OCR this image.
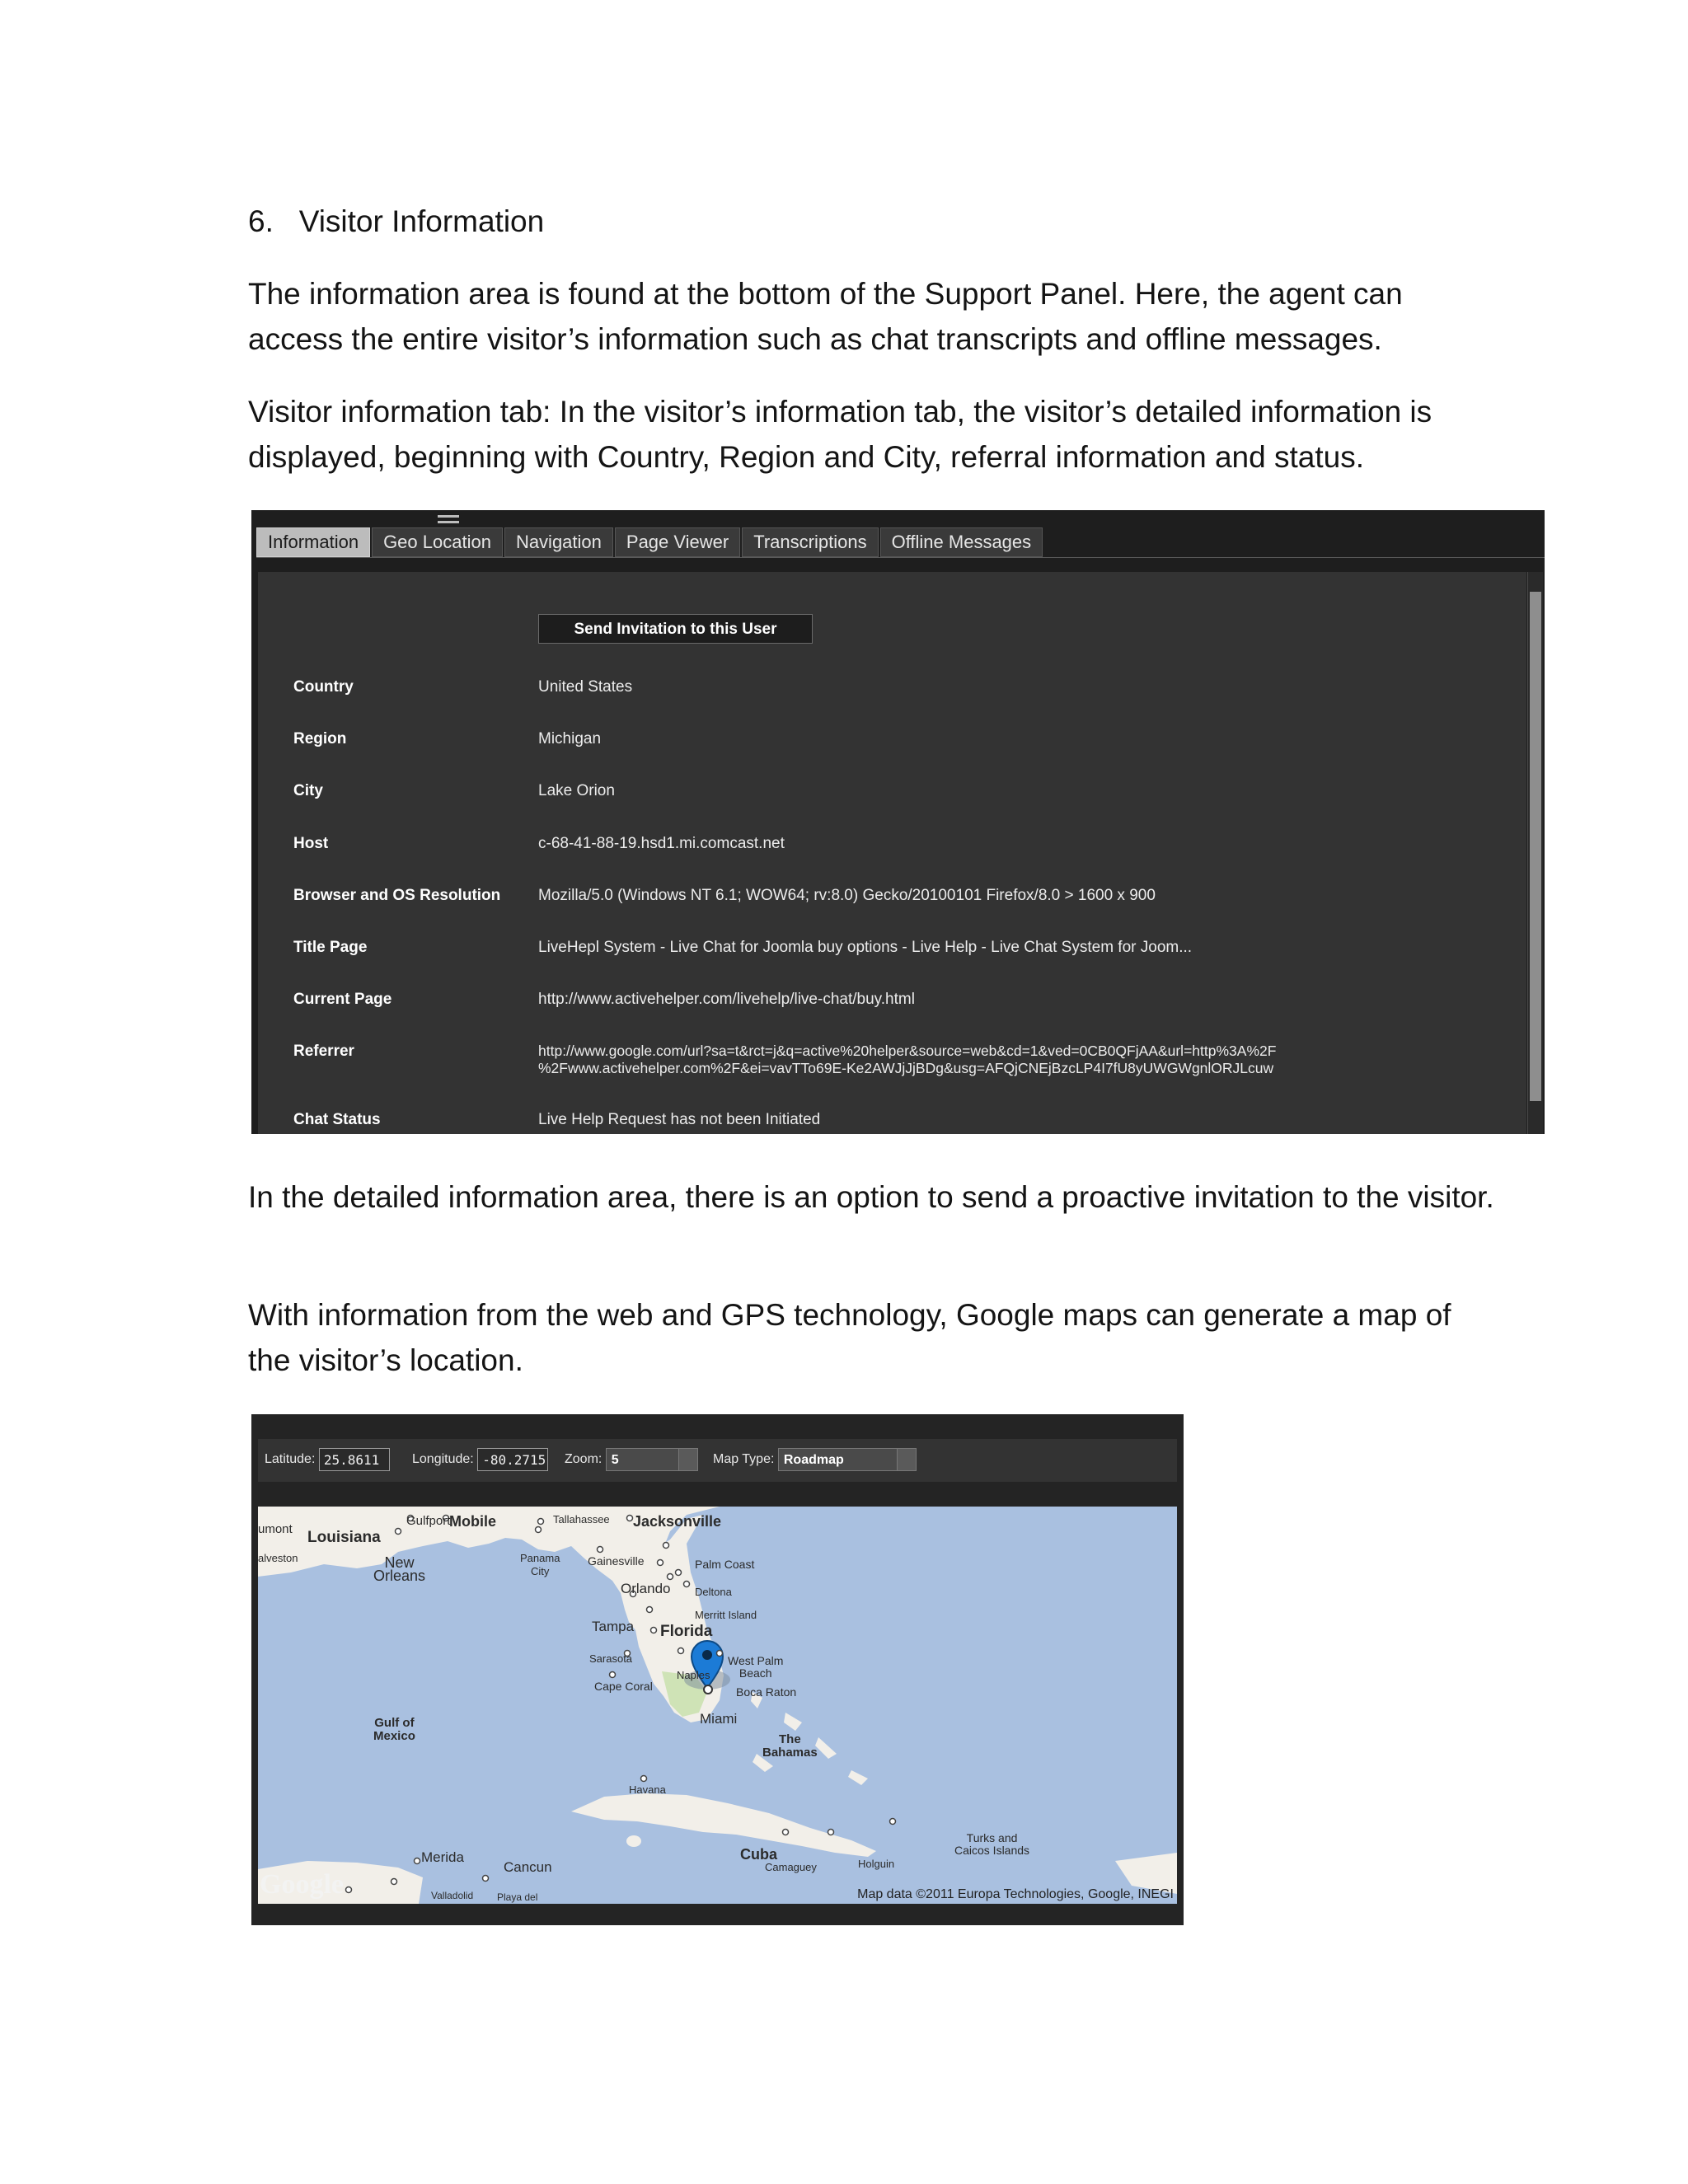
6.   Visitor Information

The information area is found at the bottom of the Support Panel. Here, the agent can access the entire visitor’s information such as chat transcripts and offline messages.

Visitor information tab: In the visitor’s information tab, the visitor’s detailed information is displayed, beginning with Country, Region and City, referral information and status.

Information	Geo Location	Navigation	Page Viewer	Transcriptions	Offline Messages
Send Invitation to this User
Country	United States
Region	Michigan
City	Lake Orion
Host	c-68-41-88-19.hsd1.mi.comcast.net
Browser and OS Resolution Mozilla/5.0 (Windows NT 6.1; WOW64; rv:8.0) Gecko/20100101 Firefox/8.0 > 1600 x 900
Title Page	LiveHepl System - Live Chat for Joomla buy options - Live Help - Live Chat System for Joom...
Current Page	http://www.activehelper.com/livehelp/live-chat/buy.html
Referrer	http://www.google.com/url?sa=t&rct=j&q=active%20helper&source=web&cd=1&ved=0CB0QFjAA&url=http%3A%2F
%2Fwww.activehelper.com%2F&ei=vavTTo69E-Ke2AWJjJjBDg&usg=AFQjCNEjBzcLP4I7fU8yUWGWgnlORJLcuw
Chat Status	Live Help Request has not been Initiated

In the detailed information area, there is an option to send a proactive invitation to the visitor.

With information from the web and GPS technology, Google maps can generate a map of the visitor’s location.

Latitude: 25.8611	Longitude: -80.2715 Zoom: 5	Map Type: Roadmap
umont Louisiana
alveston
Gulfport
Mobile	Tallahassee Jacksonville
New
Orleans
Panama
City
Gainesville	Palm Coast
Orlando Deltona
Merritt Island
Tampa Florida
Sarasota	West Palm
Beach
Naples
Cape Coral	Boca Raton
Miami
Gulf of
Mexico	The
Bahamas
Havana
Cuba
Camaguey	Holguin
Turks and
Caicos Islands
Merida
Cancun
Valladolid Playa del
Google	Map data ©2011 Europa Technologies, Google, INEGI
